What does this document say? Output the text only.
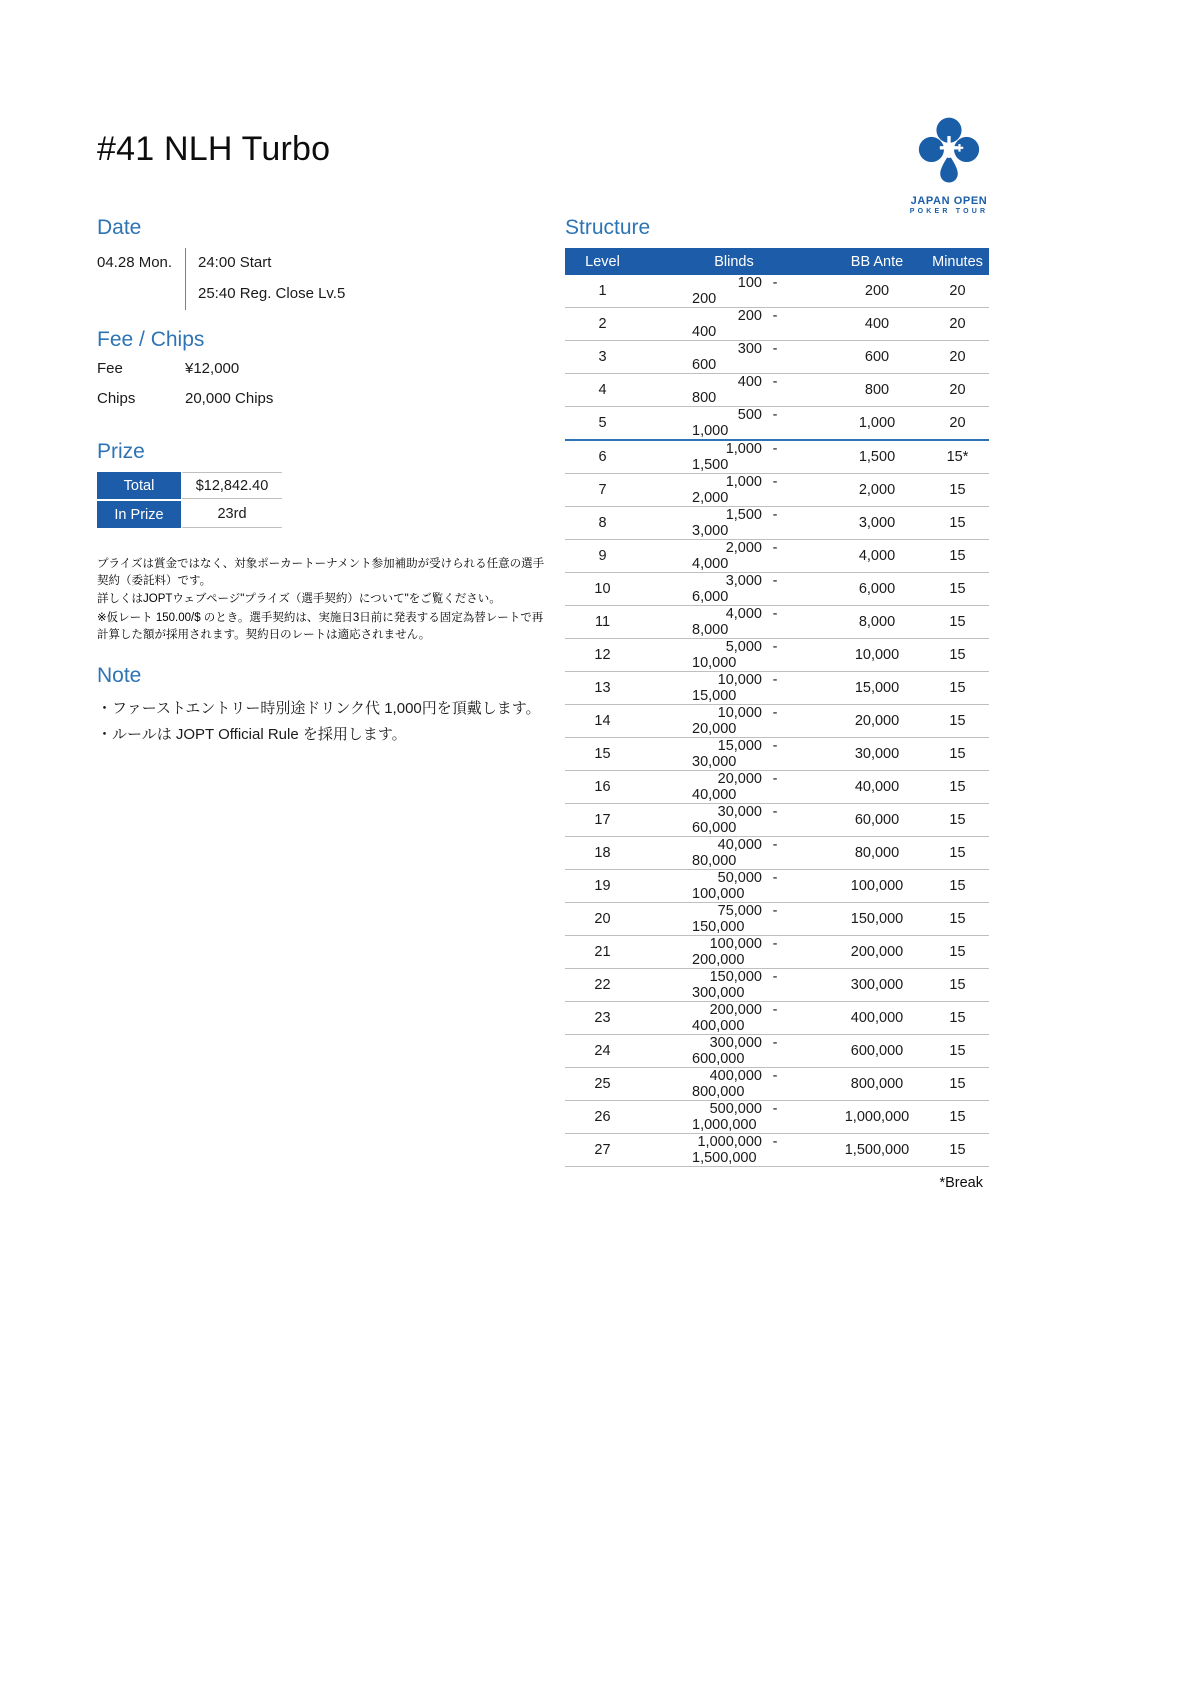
#41 NLH Turbo
JAPAN OPEN
POKER TOUR
Date
04.28 Mon.	24:00 Start
25:40 Reg. Close Lv.5
Fee / Chips
Fee	¥12,000
Chips	20,000 Chips
Prize
Total	$12,842.40
In Prize	23rd

プライズは賞金ではなく、対象ポーカートーナメント参加補助が受けられる任意の選手契約（委託料）です。

詳しくはJOPTウェブページ"プライズ（選手契約）について"をご覧ください。

※仮レート 150.00/$ のとき。選手契約は、実施日3日前に発表する固定為替レートで再計算した額が採用されます。契約日のレートは適応されません。

Note
・ファーストエントリー時別途ドリンク代 1,000円を頂戴します。
・ルールは JOPT Official Rule を採用します。
Structure
Level	Blinds	BB Ante	Minutes
1	100 -200	200	20
2	200 -400	400	20
3	300 -600	600	20
4	400 -800	800	20
5	500 -1,000	1,000	20
6	1,000 -1,500	1,500	15*
7	1,000 -2,000	2,000	15
8	1,500 -3,000	3,000	15
9	2,000 -4,000	4,000	15
10	3,000 -6,000	6,000	15
11	4,000 -8,000	8,000	15
12	5,000 -10,000	10,000	15
13	10,000 -15,000	15,000	15
14	10,000 -20,000	20,000	15
15	15,000 -30,000	30,000	15
16	20,000 -40,000	40,000	15
17	30,000 -60,000	60,000	15
18	40,000 -80,000	80,000	15
19	50,000 -100,000	100,000	15
20	75,000 -150,000	150,000	15
21	100,000 -200,000	200,000	15
22	150,000 -300,000	300,000	15
23	200,000 -400,000	400,000	15
24	300,000 -600,000	600,000	15
25	400,000 -800,000	800,000	15
26	500,000 -1,000,000	1,000,000	15
27	1,000,000 -1,500,000	1,500,000	15
*Break
